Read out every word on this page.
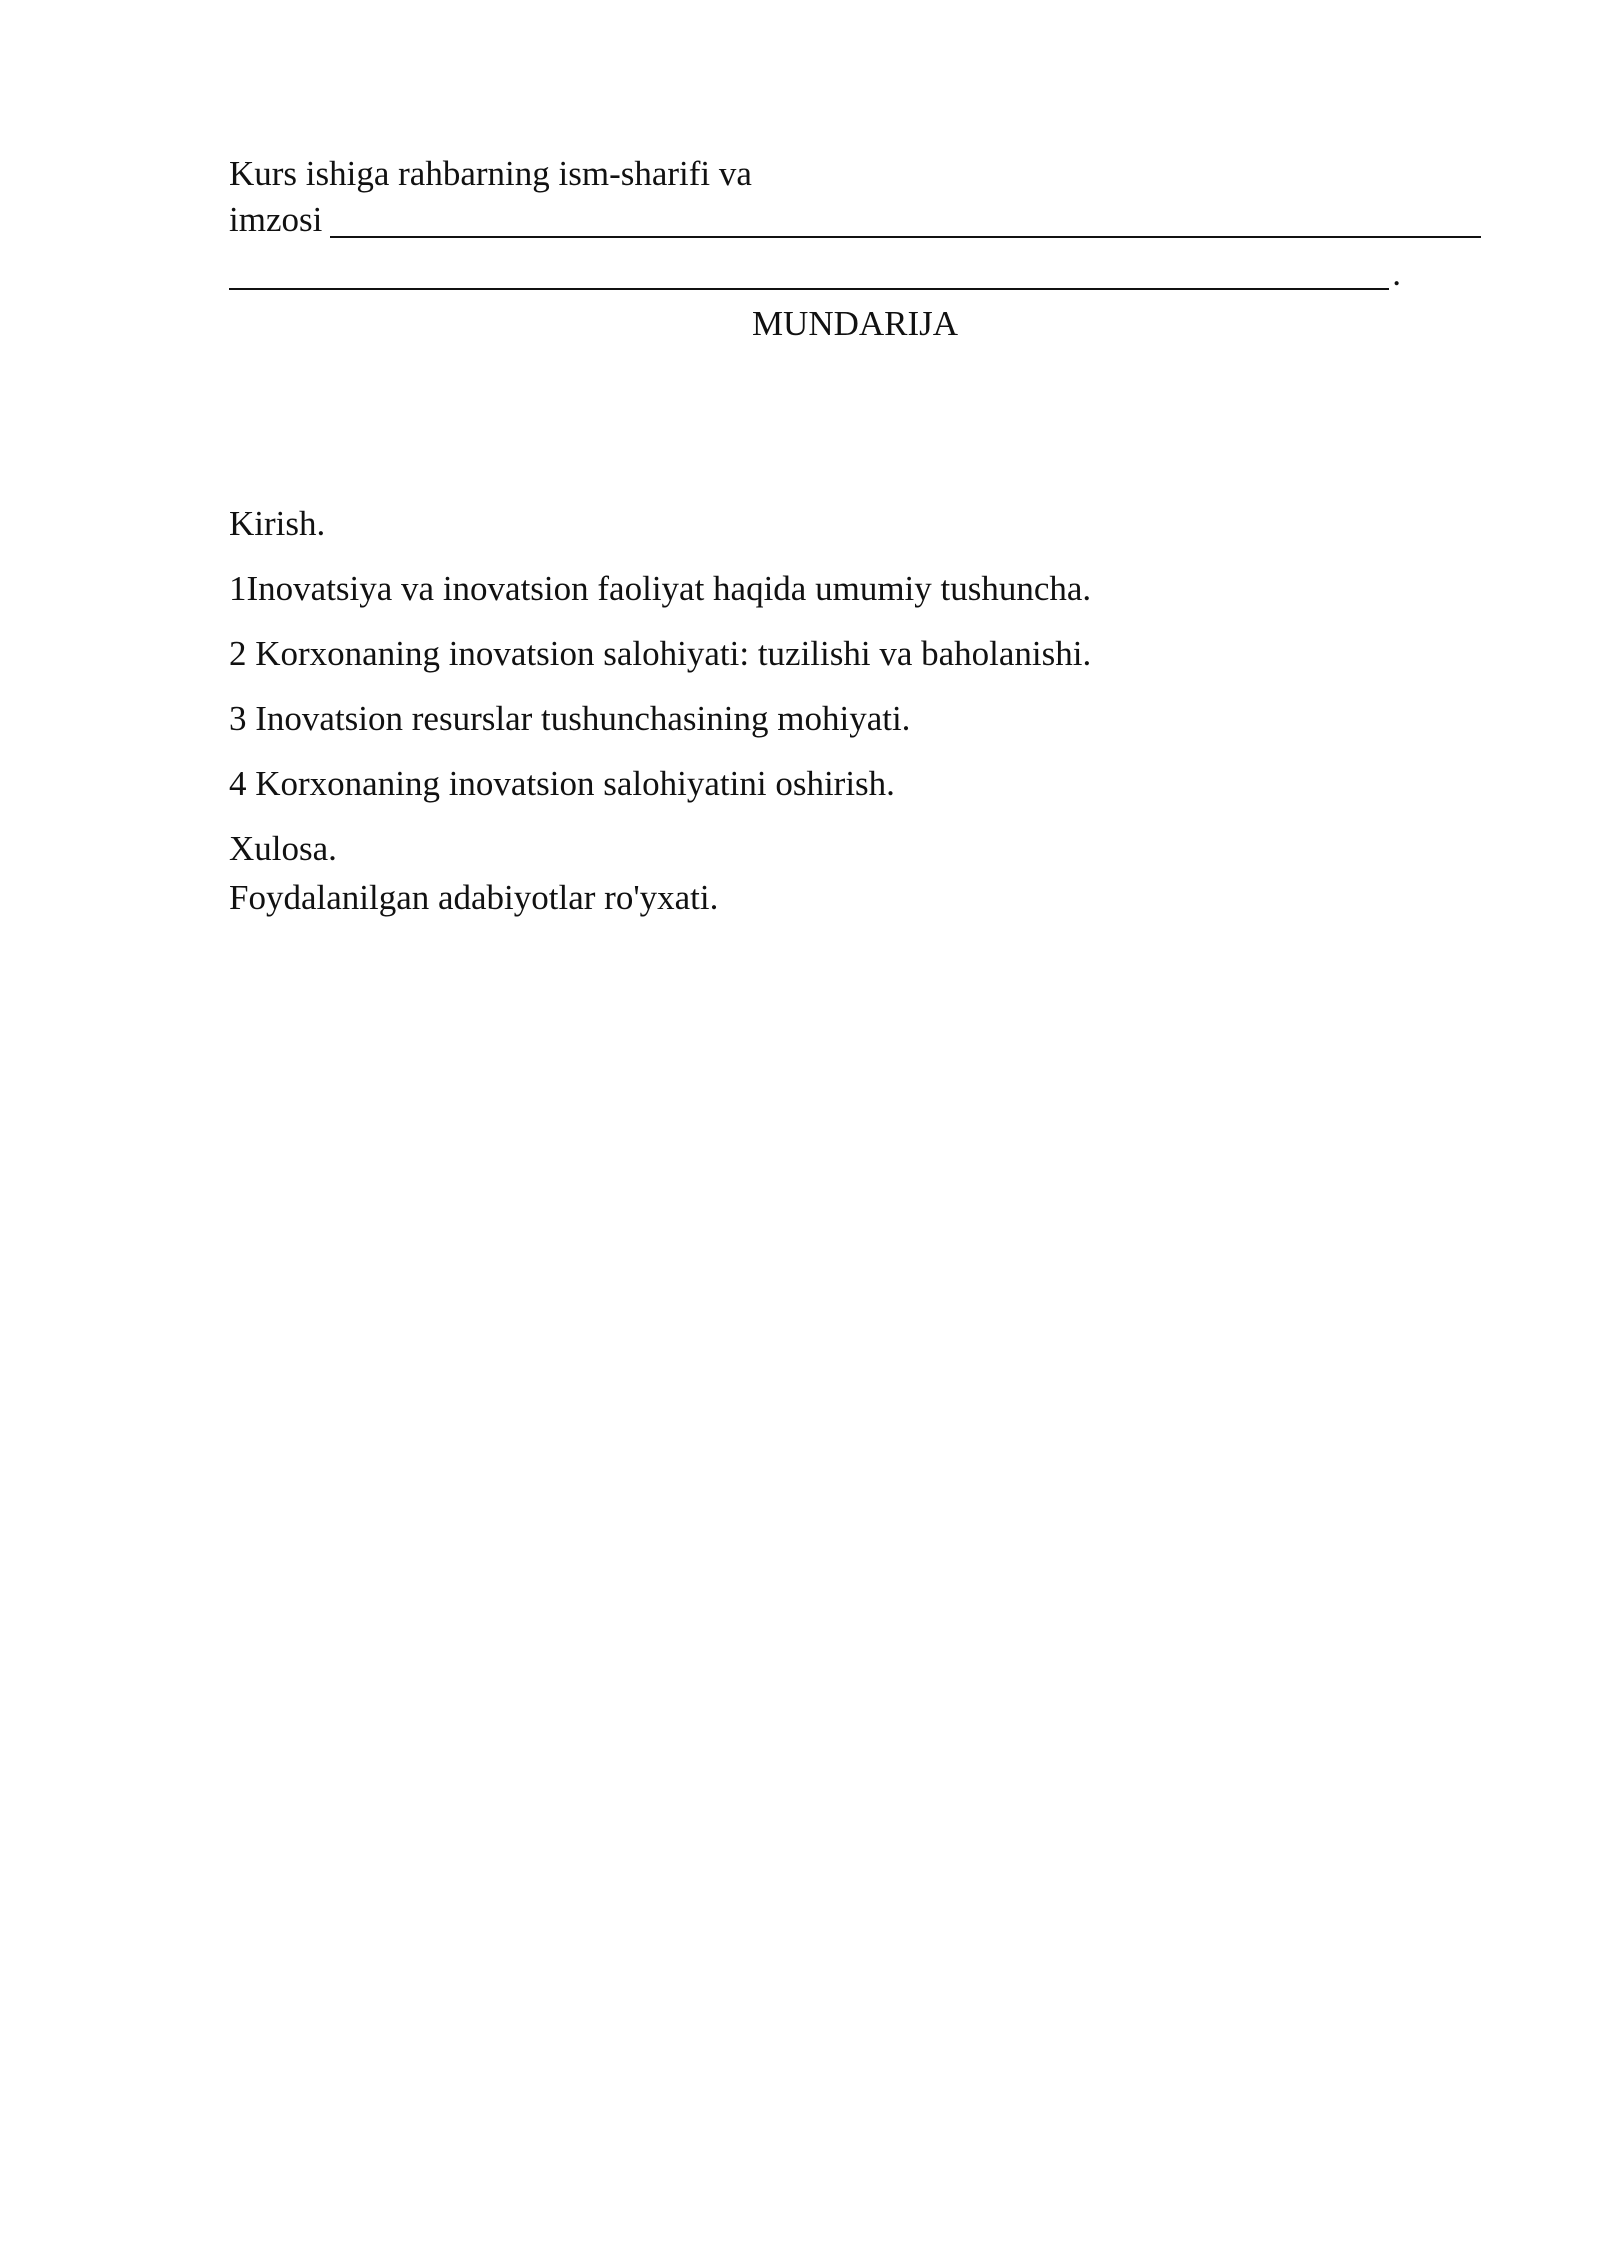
Kurs ishiga rahbarning ism-sharifi va

imzosi
.
MUNDARIJA
Kirish.
1Inovatsiya va inovatsion faoliyat haqida umumiy tushuncha.
2 Korxonaning inovatsion salohiyati: tuzilishi va baholanishi.
3 Inovatsion resurslar tushunchasining mohiyati.
4 Korxonaning inovatsion salohiyatini oshirish.
Xulosa.
Foydalanilgan adabiyotlar ro'yxati.
